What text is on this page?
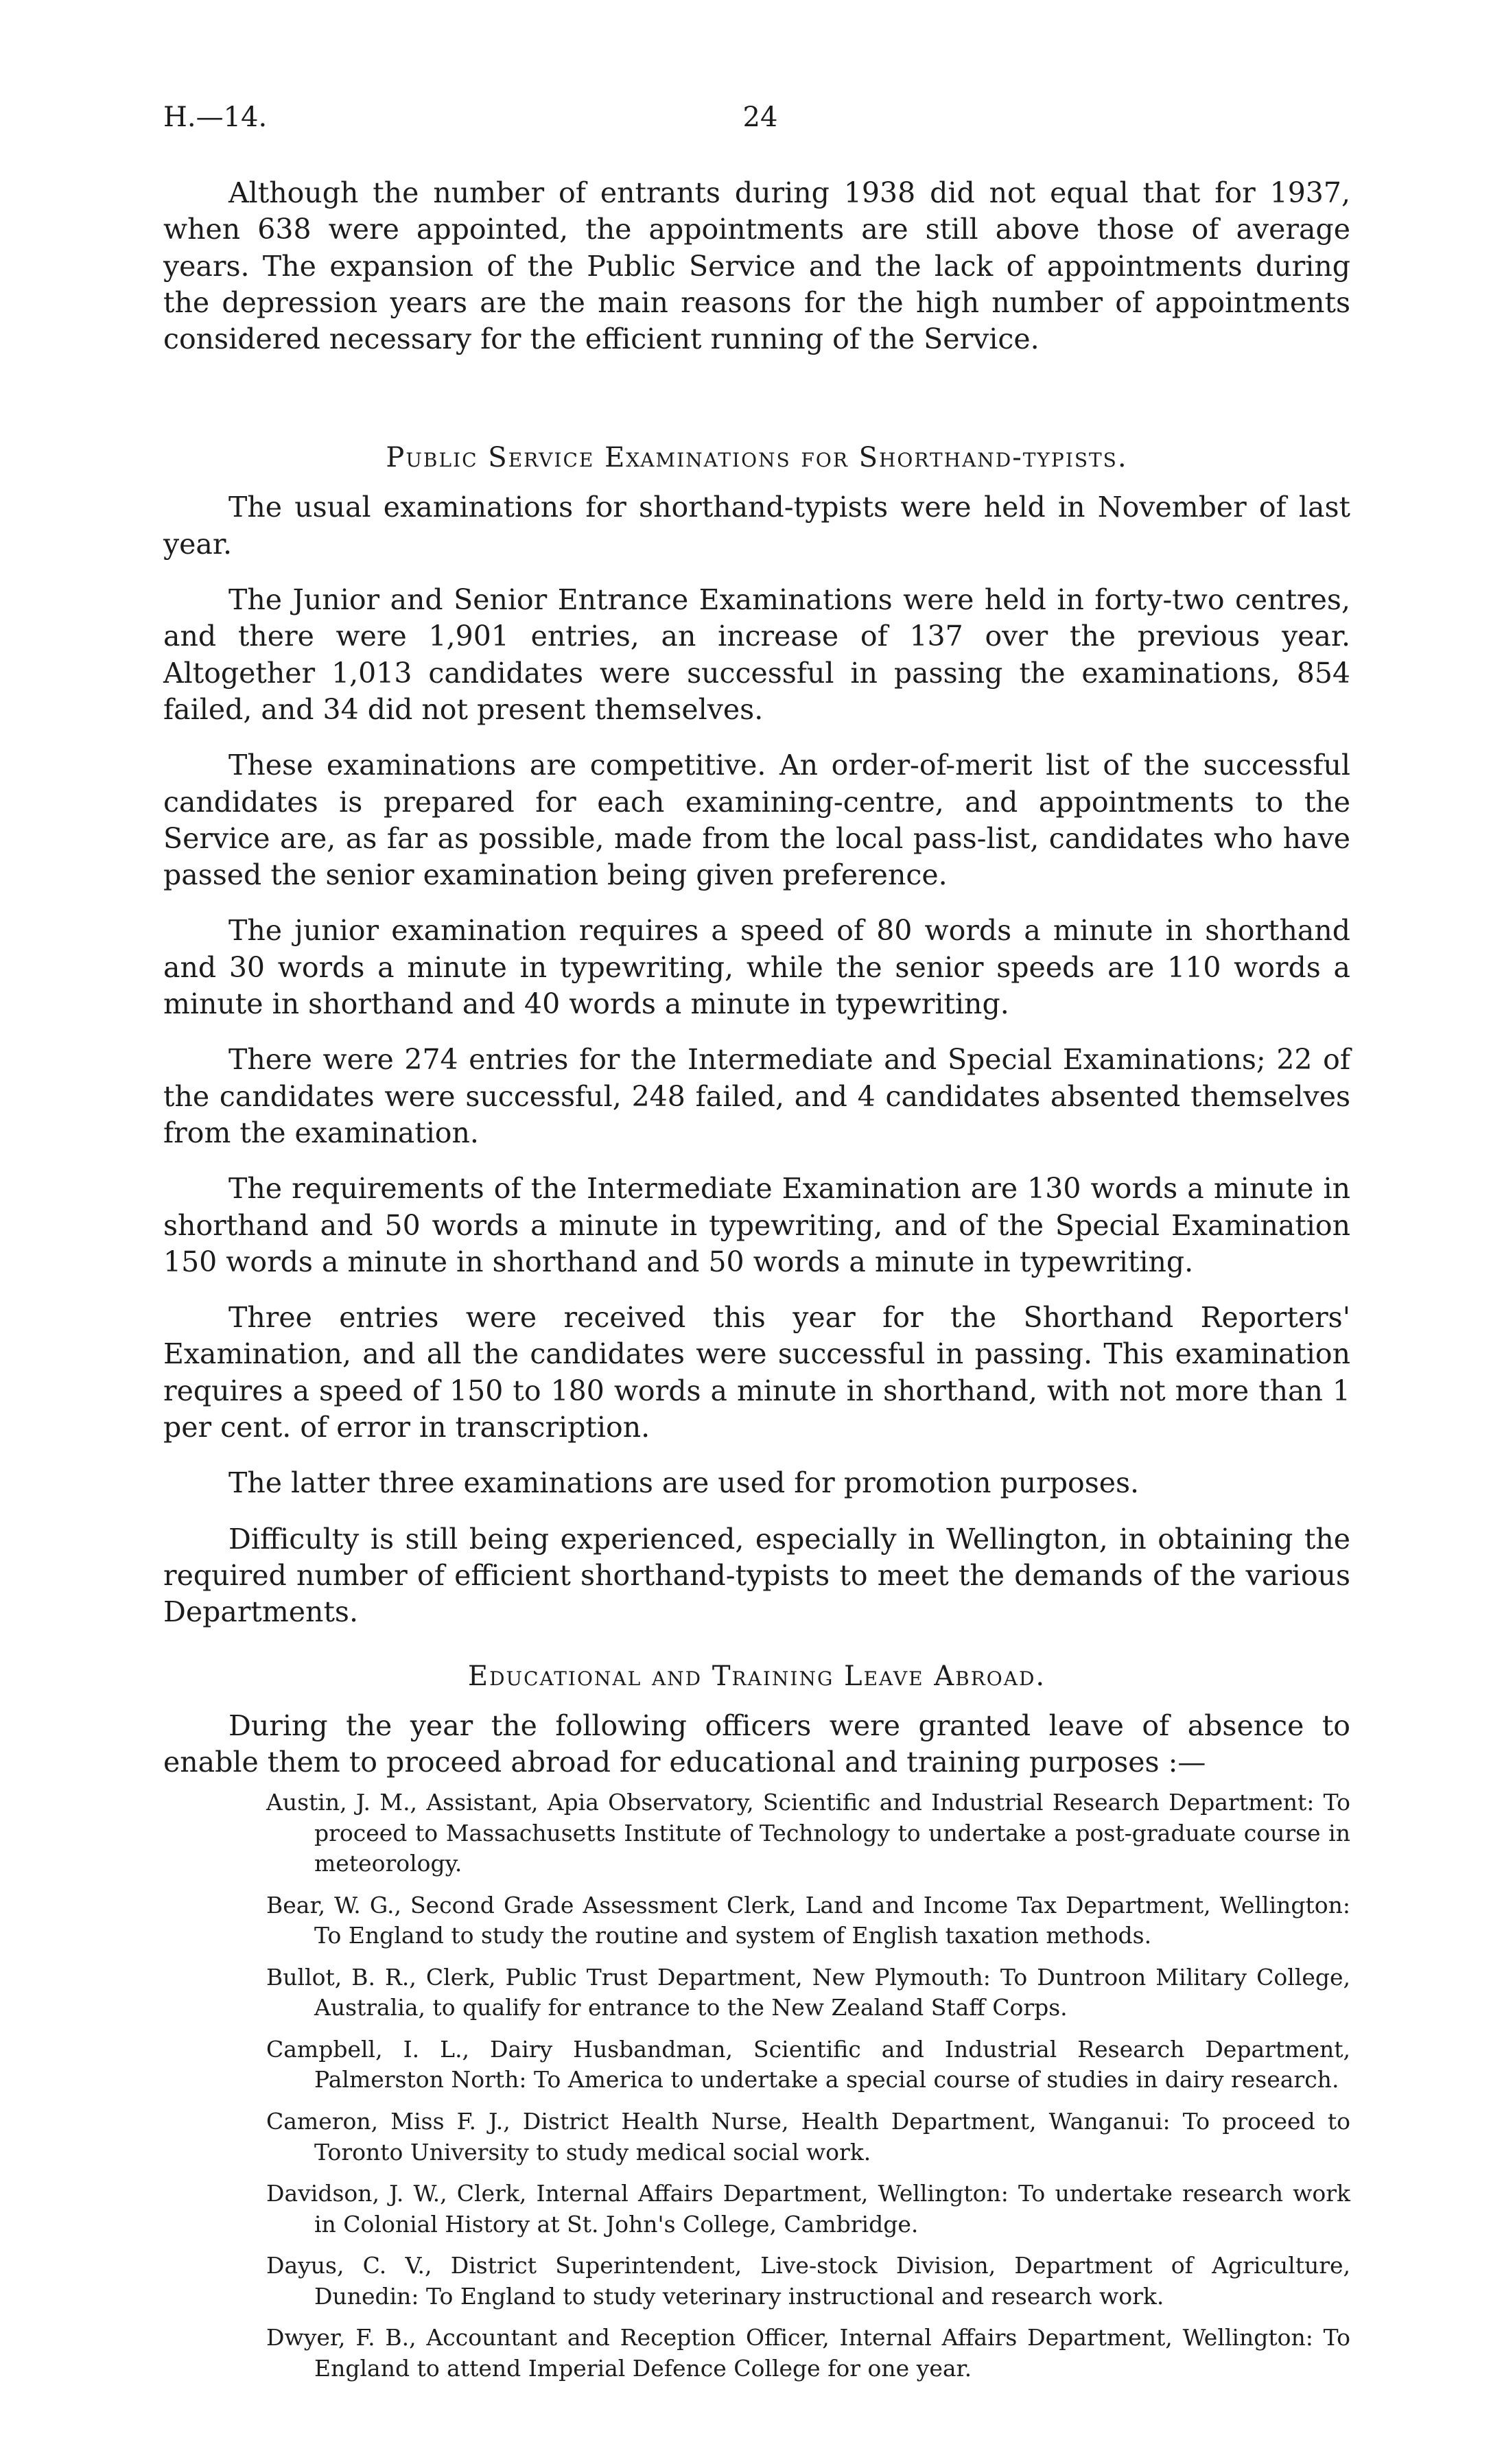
H.—14.	24

Although the number of entrants during 1938 did not equal that for 1937, when 638 were appointed, the appointments are still above those of average years. The expansion of the Public Service and the lack of appointments during the depression years are the main reasons for the high number of appointments considered necessary for the efficient running of the Service.

Public Service Examinations for Shorthand-typists.

The usual examinations for shorthand-typists were held in November of last year.

The Junior and Senior Entrance Examinations were held in forty-two centres, and there were 1,901 entries, an increase of 137 over the previous year. Altogether 1,013 candidates were successful in passing the examinations, 854 failed, and 34 did not present themselves.

These examinations are competitive. An order-of-merit list of the successful candidates is prepared for each examining-centre, and appointments to the Service are, as far as possible, made from the local pass-list, candidates who have passed the senior examination being given preference.

The junior examination requires a speed of 80 words a minute in shorthand and 30 words a minute in typewriting, while the senior speeds are 110 words a minute in shorthand and 40 words a minute in typewriting.

There were 274 entries for the Intermediate and Special Examinations; 22 of the candidates were successful, 248 failed, and 4 candidates absented themselves from the examination.

The requirements of the Intermediate Examination are 130 words a minute in shorthand and 50 words a minute in typewriting, and of the Special Examination 150 words a minute in shorthand and 50 words a minute in typewriting.

Three entries were received this year for the Shorthand Reporters' Examination, and all the candidates were successful in passing. This examination requires a speed of 150 to 180 words a minute in shorthand, with not more than 1 per cent. of error in transcription.

The latter three examinations are used for promotion purposes.

Difficulty is still being experienced, especially in Wellington, in obtaining the required number of efficient shorthand-typists to meet the demands of the various Departments.

Educational and Training Leave Abroad.

During the year the following officers were granted leave of absence to enable them to proceed abroad for educational and training purposes :—

Austin, J. M., Assistant, Apia Observatory, Scientific and Industrial Research Department: To proceed to Massachusetts Institute of Technology to undertake a post-graduate course in meteorology.
Bear, W. G., Second Grade Assessment Clerk, Land and Income Tax Department, Wellington: To England to study the routine and system of English taxation methods.
Bullot, B. R., Clerk, Public Trust Department, New Plymouth: To Duntroon Military College, Australia, to qualify for entrance to the New Zealand Staff Corps.
Campbell, I. L., Dairy Husbandman, Scientific and Industrial Research Department, Palmerston North: To America to undertake a special course of studies in dairy research.
Cameron, Miss F. J., District Health Nurse, Health Department, Wanganui: To proceed to Toronto University to study medical social work.
Davidson, J. W., Clerk, Internal Affairs Department, Wellington: To undertake research work in Colonial History at St. John's College, Cambridge.
Dayus, C. V., District Superintendent, Live-stock Division, Department of Agriculture, Dunedin: To England to study veterinary instructional and research work.
Dwyer, F. B., Accountant and Reception Officer, Internal Affairs Department, Wellington: To England to attend Imperial Defence College for one year.
